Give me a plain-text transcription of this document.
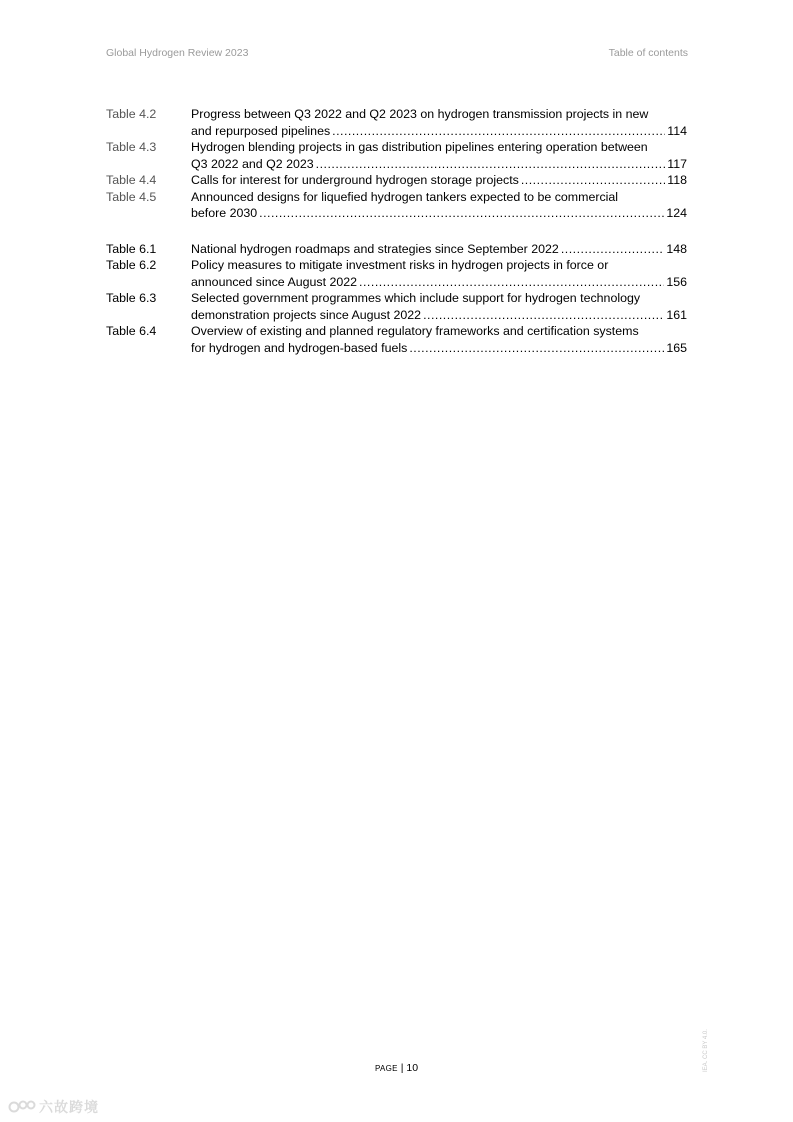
Global Hydrogen Review 2023	Table of contents
Table 4.2	Progress between Q3 2022 and Q2 2023 on hydrogen transmission projects in new
and repurposed pipelines .....	114
Table 4.3	Hydrogen blending projects in gas distribution pipelines entering operation between
Q3 2022 and Q2 2023 .....	117
Table 4.4	Calls for interest for underground hydrogen storage projects .....	118
Table 4.5	Announced designs for liquefied hydrogen tankers expected to be commercial
before 2030 .....	124
Table 6.1	National hydrogen roadmaps and strategies since September 2022 .....	148
Table 6.2	Policy measures to mitigate investment risks in hydrogen projects in force or
announced since August 2022 .....	156
Table 6.3	Selected government programmes which include support for hydrogen technology
demonstration projects since August 2022 .....	161
Table 6.4	Overview of existing and planned regulatory frameworks and certification systems
for hydrogen and hydrogen-based fuels .....	165
IEA. CC BY 4.0.
PAGE | 10
六故跨境
